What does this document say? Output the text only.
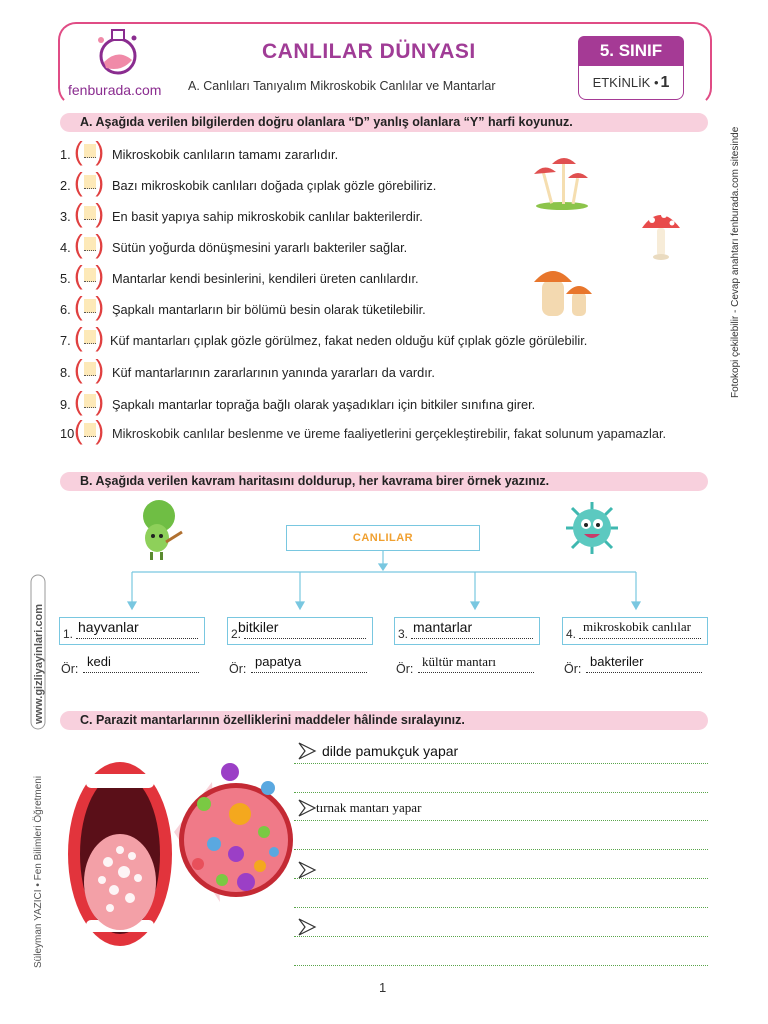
fenburada.com
CANLILAR DÜNYASI
A. Canlıları Tanıyalım Mikroskobik Canlılar ve Mantarlar
5. SINIF
ETKİNLİK • 1
A. Aşağıda verilen bilgilerden doğru olanlara “D” yanlış olanlara “Y” harfi koyunuz.
1. ( ) Mikroskobik canlıların tamamı zararlıdır.
2. ( ) Bazı mikroskobik canlıları doğada çıplak gözle görebiliriz.
3. ( ) En basit yapıya sahip mikroskobik canlılar bakterilerdir.
4. ( ) Sütün yoğurda dönüşmesini yararlı bakteriler sağlar.
5. ( ) Mantarlar kendi besinlerini, kendileri üreten canlılardır.
6. ( ) Şapkalı mantarların bir bölümü besin olarak tüketilebilir.
7. ( ) Küf mantarları çıplak gözle görülmez, fakat neden olduğu küf çıplak gözle görülebilir.
8. ( ) Küf mantarlarının zararlarının yanında yararları da vardır.
9. ( ) Şapkalı mantarlar toprağa bağlı olarak yaşadıkları için bitkiler sınıfına girer.
10 ( ) Mikroskobik canlılar beslenme ve üreme faaliyetlerini gerçekleştirebilir, fakat solunum yapamazlar.
Fotokopi çekilebilir - Cevap anahtarı fenburada.com sitesinde
B. Aşağıda verilen kavram haritasını doldurup, her kavrama birer örnek yazınız.
CANLILAR
1. hayvanlar
Ör: kedi
2.
bitkiler
Ör: papatya
3. mantarlar
Ör: kültür mantarı
4. mikroskobik canlılar
Ör: bakteriler
www.gizliyayinlari.com	C. Parazit mantarlarının özelliklerini maddeler hâlinde sıralayınız.
dilde pamukçuk yapar
tırnak mantarı yapar
Süleyman YAZICI • Fen Bilimleri Öğretmeni
1
